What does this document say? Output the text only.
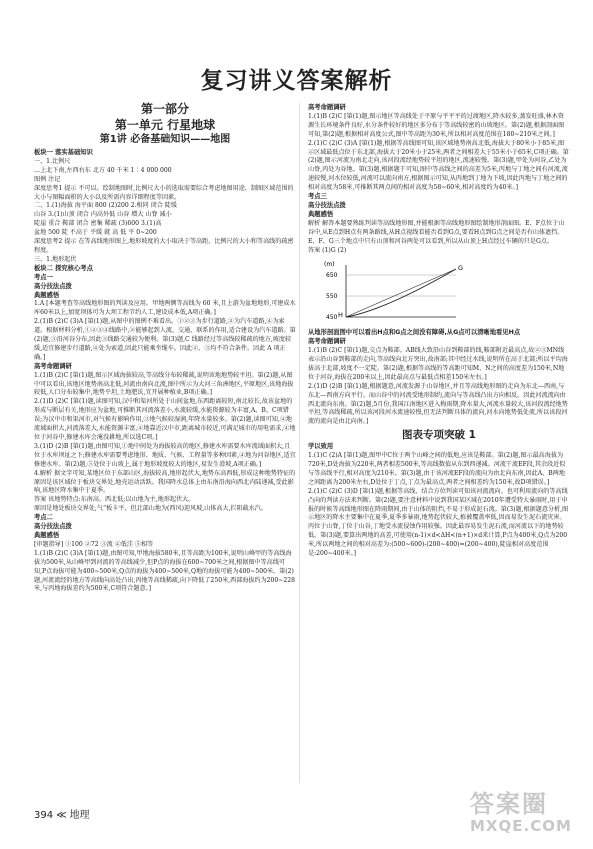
复习讲义答案解析
第一部分
第一单元 行星地球
第1讲 必备基础知识——地图

板块一 落实基础知识

一、1.比例尺

…上北下南,左西右东 北方 40 千米 1∶4 000 000

图例 注记

深度思考1 提示 不可以。绘制地图时,比例尺大小的选取需要综合考虑地图用途、制图区域范围的大小与图幅面积的大小以及所需内容详细程度等因素。

二、1.(1)海拔 海平面 800 (2)200 2.相同 闭合 陡缓

山谷 3.(1)山顶 闭合 内高外低 山谷 增大 山脊 减小

陡崖 重合 鞍部 闭合 密集 稀疏 (3)600 3.(1)高

盆地 500 陡 不高于 平缓 就 高 低 平 0~200

深度思考2 提示 在等高线地形图上,地形坡度的大小取决于等高距、比例尺的大小和等高线的疏密程度。

三、1.地形起伏

板块二 探究核心考点

考点一

高分技法点拨

典题感悟

1.A [本题考查等高线地形图的判读及应用。甲地两侧等高线为 60 米,且上游为盆地地形,可建成水库60米以上,加宽坝体可为大坝工程节约人工,建设成本低,A项正确。]

2.(1)B (2)C (3)A [第(1)题,从图中的图例不难看出。①②③为步行道路,②为汽车道路,④为索道。根据材料分析,①②③④线路中,②能够起到人流、交通、联系的作用,适合建设为汽车道路。第(2)题,③沿河谷分布,因此③线路交通较为便利。第(3)题,C 线路经过等高线较稀疏的地方,坡度较缓,适宜修建步行道路,④处为索道,因此只能乘坐缆车。因此②、③均不符合条件。因此 A 项正确。]

高考命题调研

1.(1)B (2)C [第(1)题,图示区域海拔较高,等高线分布较稀疏,说明该地地势较平坦。第(2)题,从图中可以看出,该地区地势南高北低,河流由南向北流,图中所示为大河三角洲地区,平原地区,该地海拔较低,人口分布较集中,地势平坦,土地肥沃,宜开展种植业,B项正确。]

2.(1)D (2)C [第(1)题,读图可知,汉中和渠河所处于山间盆地,东西距离较短,南北较长,故该盆地的形成与断层有关,地形应为盆地,可推断其河流落差小,水流较缓,水能资源较为丰富,A、B、C项错误;为汉中市和渠河市,对气候有影响作用,③地气候较湿润,年降水量较多。第(2)题,读图可知,④地流域面积大,河流落差大,水能资源丰富,④地靠近汉中市,距离城市较近,可满足城市的用电需求,④地位于河谷中,修建水库会淹没耕地,所以选C项。]

3.(1)D (2)B [第(1)题,由图可知,①地中间处为海拔较高的地区,修建水库需要水库流域面积大,且位于水库坝址之下;修建水库需要考虑地形、地质、气候、工程量等多种因素,④地为河谷地区,适宜修建水库。第(2)题,⑤处位于山坡上,属于地形坡度较大的地区,易发生滑坡,A项正确。]

4.解析 据文字可知,某地区位于东部山区,海拔较高,地形起伏大,地势东高西低,形成这种地势特征的原因是该区域位于板块交界处,地壳运动活跃。我国降水总体上由东南沿海向西北内陆递减,受此影响,该地区降水集中于夏季。

答案 该地势特点:东南高、西北低;以山地为主,地形起伏大。

原因是地处板块交界处,气“板卡平、但北部山地为(西风)迎风坡,山体高大,拦阻截水汽。

考点二

高分技法点拨

典题感悟

[审题指导] ①100 ②72 ③流 ④低洼 ⑤相等

1.(1)B (2)C (3)A [第(1)题,由图可知,甲地海拔580米,且等高距为100米,说明山峰甲的等高线海拔为500米,从山峰甲到河流的等高线减少,但P点的海拔在600~700米之间,根据图中等高线可知,P点海拔可能为400~500米,Q点的海拔为400~500米,Q地的海拔可能为400~500米。第(2)题,河流流经的地方等高线向高处凸出,丙地等高线稀疏,向下降低了250米,西部海拔约为200~228米,与丙地海拔差约为500米,C项符合题意。]

高考命题调研

1.(1)B (2)C [第(1)题,图示地区等高线处于平原与平平平的过渡地区,降水较多,蒸发旺盛,林木资源生长环境条件良好,水分条件较好的地区多分布于等高线较密的山坡地区。第(2)题,根据剖面图可知,第(2)题,根据相对高度公式,图中等高距为30米,所以相对高度范围在180~210米之间。]

2.(1)C (2)C (3)A [第(1)题,根据等高线图可知,该区域地势南高北低,海拔大于80米小于85米,图示区域最低点位于东北部,海拔大于20米小于25米,两者之间相差大于55米小于65米,C项正确。第(2)题,图示河流为南北走向,该河段流经地势较平坦的地区,流速较慢。第(3)题,甲处为河谷,乙处为山脊,丙处为谷地。第(3)题,根据题干可知,图中等高线之间的高差为5米,丙地与丁地之间有河流,流速较慢,河水位较低,河流可以流向南方,根据图示可知,从丙地到丁地为下坡,因此丙地与丁地之间的相对高度为58米,可推断其两点间的相对高度为58~60米,相对高度约为40米。]

考点三

高分技法点拨

典题感悟

解析 解答本题要熟练判读等高线地形图,并能根据等高线地形图绘制地形剖面图。E、F点位于山谷中,从E点到H点有两条路线,从H点视线看能否看到G点,要看H点到G点之间是否有山体遮挡。E、F、G三个地点中只有山顶和河谷两处可以看到,所以从山顶上H点经过车辆的只是G点。

答案 (1)G (2)

(m)
650
550
450 H
G

从地形剖面图中可以看出H点和G点之间没有障碍,从G点可以清晰地看见H点

高考命题调研

1.(1)B (2)C [第(1)题,交点为鞍部。AB线大致沿山谷到鞍部的线,鞍部附近最高点,故②③MN线表示沿山谷到鞍部的走向,等高线向北方突出,故南部;其中经过水线,说明所在高于北部;所以平均海拔高于北部,坡度不一定陡。第(2)题,根据等高线的等高距可知M、N之间的高度差为150米,N地位于河谷,海拔在200米以上,因此最高点与最低点相差150米左右。]

2.(1)D (2)B [第(1)题,根据题意,河流发源于山谷地区,并且等高线地形图的走向为东北—西南,与东北—西南方向平行。而山谷中的河流受地形制约,流向与等高线凸出方向相反。因此河流流向由西北流向东南。第(2)题,5月份,我国江南地区进入梅雨期,降水量大,河流水量较大,该河段流经地势平坦,等高线稀疏,所以该河段河水流速较慢,但无法判断具体的流向,河水向地势低处流,所以该段河流的流向是由北向南。]

图表专项突破 1

学以致用

1.(1)C (2)A [第(1)题,图甲中C位于两个山峰之间的低地,应该是鞍部。第(2)题,图示最高海拔为720米,D处海拔为220米,两者相差500米,等高线数值从东到西递减。河流干流EF段,其余段近似与等高线平行,相对高度为210米。第(3)题,由于该河流EF段的流向为由北向东南,因此A、B两地之间距离为200米左右,D处位于丁点,丁点为最高点,两者之间相差约为150米,故D项错误。]

2.(1)C (2)C (3)D [第(1)题,根据等高线、结合方位判读可知该河流流向。也可利用流向的等高线凸向的判读方法来判断。第(2)题,要注意材料中说到我国某区域在2010年遭受特大暴雨时,用于申报的时候等高线地形图在降雨期间,由于山体的阻挡,不易于形成泥石流。第(3)题,根据题意分析,图示地区的降水主要集中在夏季,夏季多暴雨,地势起伏较大,植被覆盖率低,因而易发生泥石流灾害。丙位于山脊,丁位于山谷,丁地受水流侵蚀作用较强。因此最容易发生泥石流,而河流以下的地势较低。第(3)题,要算出两地的高差,可使用(n-1)×d<ΔH<(n+1)×d来计算,P点为400米,Q点为200米,所以两地之间的相对高差为:(500~600)-(200~400)=(200~400),陡崖相对高度范围是:200~400米。]

394 ≪ 地理	答案圈
MXQE.COM
